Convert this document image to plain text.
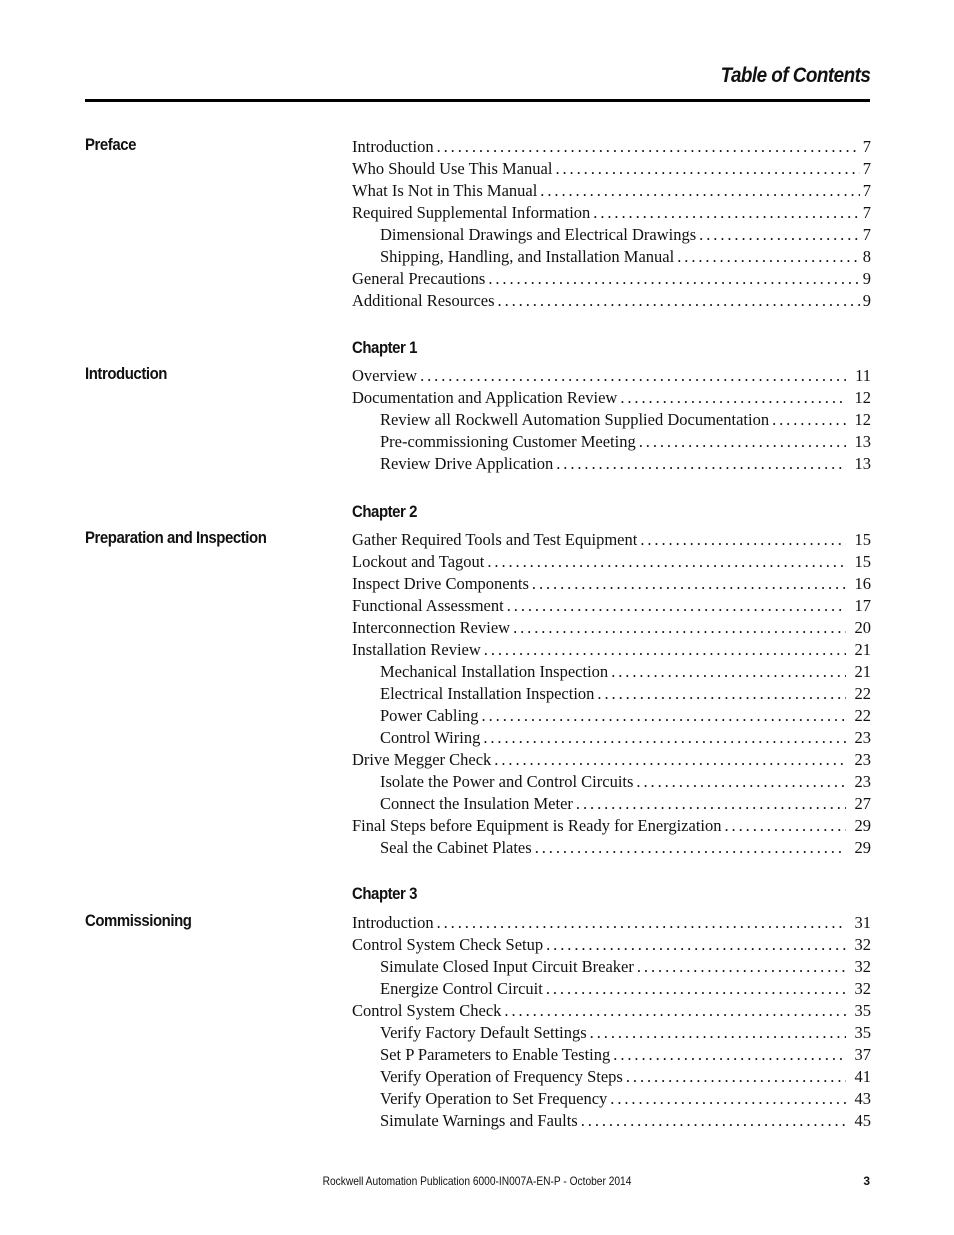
Table of Contents
Preface	Introduction . . .	7
Who Should Use This Manual . . .	7
What Is Not in This Manual . . .	7
Required Supplemental Information . . .	7
Dimensional Drawings and Electrical Drawings . . .	7
Shipping, Handling, and Installation Manual . . .	8
General Precautions . . .	9
Additional Resources . . .	9
Introduction
Chapter 1
Overview . . .	11
Documentation and Application Review . . .	12
Review all Rockwell Automation Supplied Documentation . . .	12
Pre-commissioning Customer Meeting . . .	13
Review Drive Application . . .	13
Preparation and Inspection
Chapter 2
Gather Required Tools and Test Equipment . . .	15
Lockout and Tagout . . .	15
Inspect Drive Components . . .	16
Functional Assessment . . .	17
Interconnection Review . . .	20
Installation Review . . .	21
Mechanical Installation Inspection . . .	21
Electrical Installation Inspection . . .	22
Power Cabling . . .	22
Control Wiring . . .	23
Drive Megger Check . . .	23
Isolate the Power and Control Circuits . . .	23
Connect the Insulation Meter . . .	27
Final Steps before Equipment is Ready for Energization . . .	29
Seal the Cabinet Plates . . .	29
Commissioning
Chapter 3
Introduction . . .	31
Control System Check Setup . . .	32
Simulate Closed Input Circuit Breaker . . .	32
Energize Control Circuit . . .	32
Control System Check . . .	35
Verify Factory Default Settings . . .	35
Set P Parameters to Enable Testing . . .	37
Verify Operation of Frequency Steps . . .	41
Verify Operation to Set Frequency . . .	43
Simulate Warnings and Faults . . .	45
Rockwell Automation Publication 6000-IN007A-EN-P - October 2014	3
